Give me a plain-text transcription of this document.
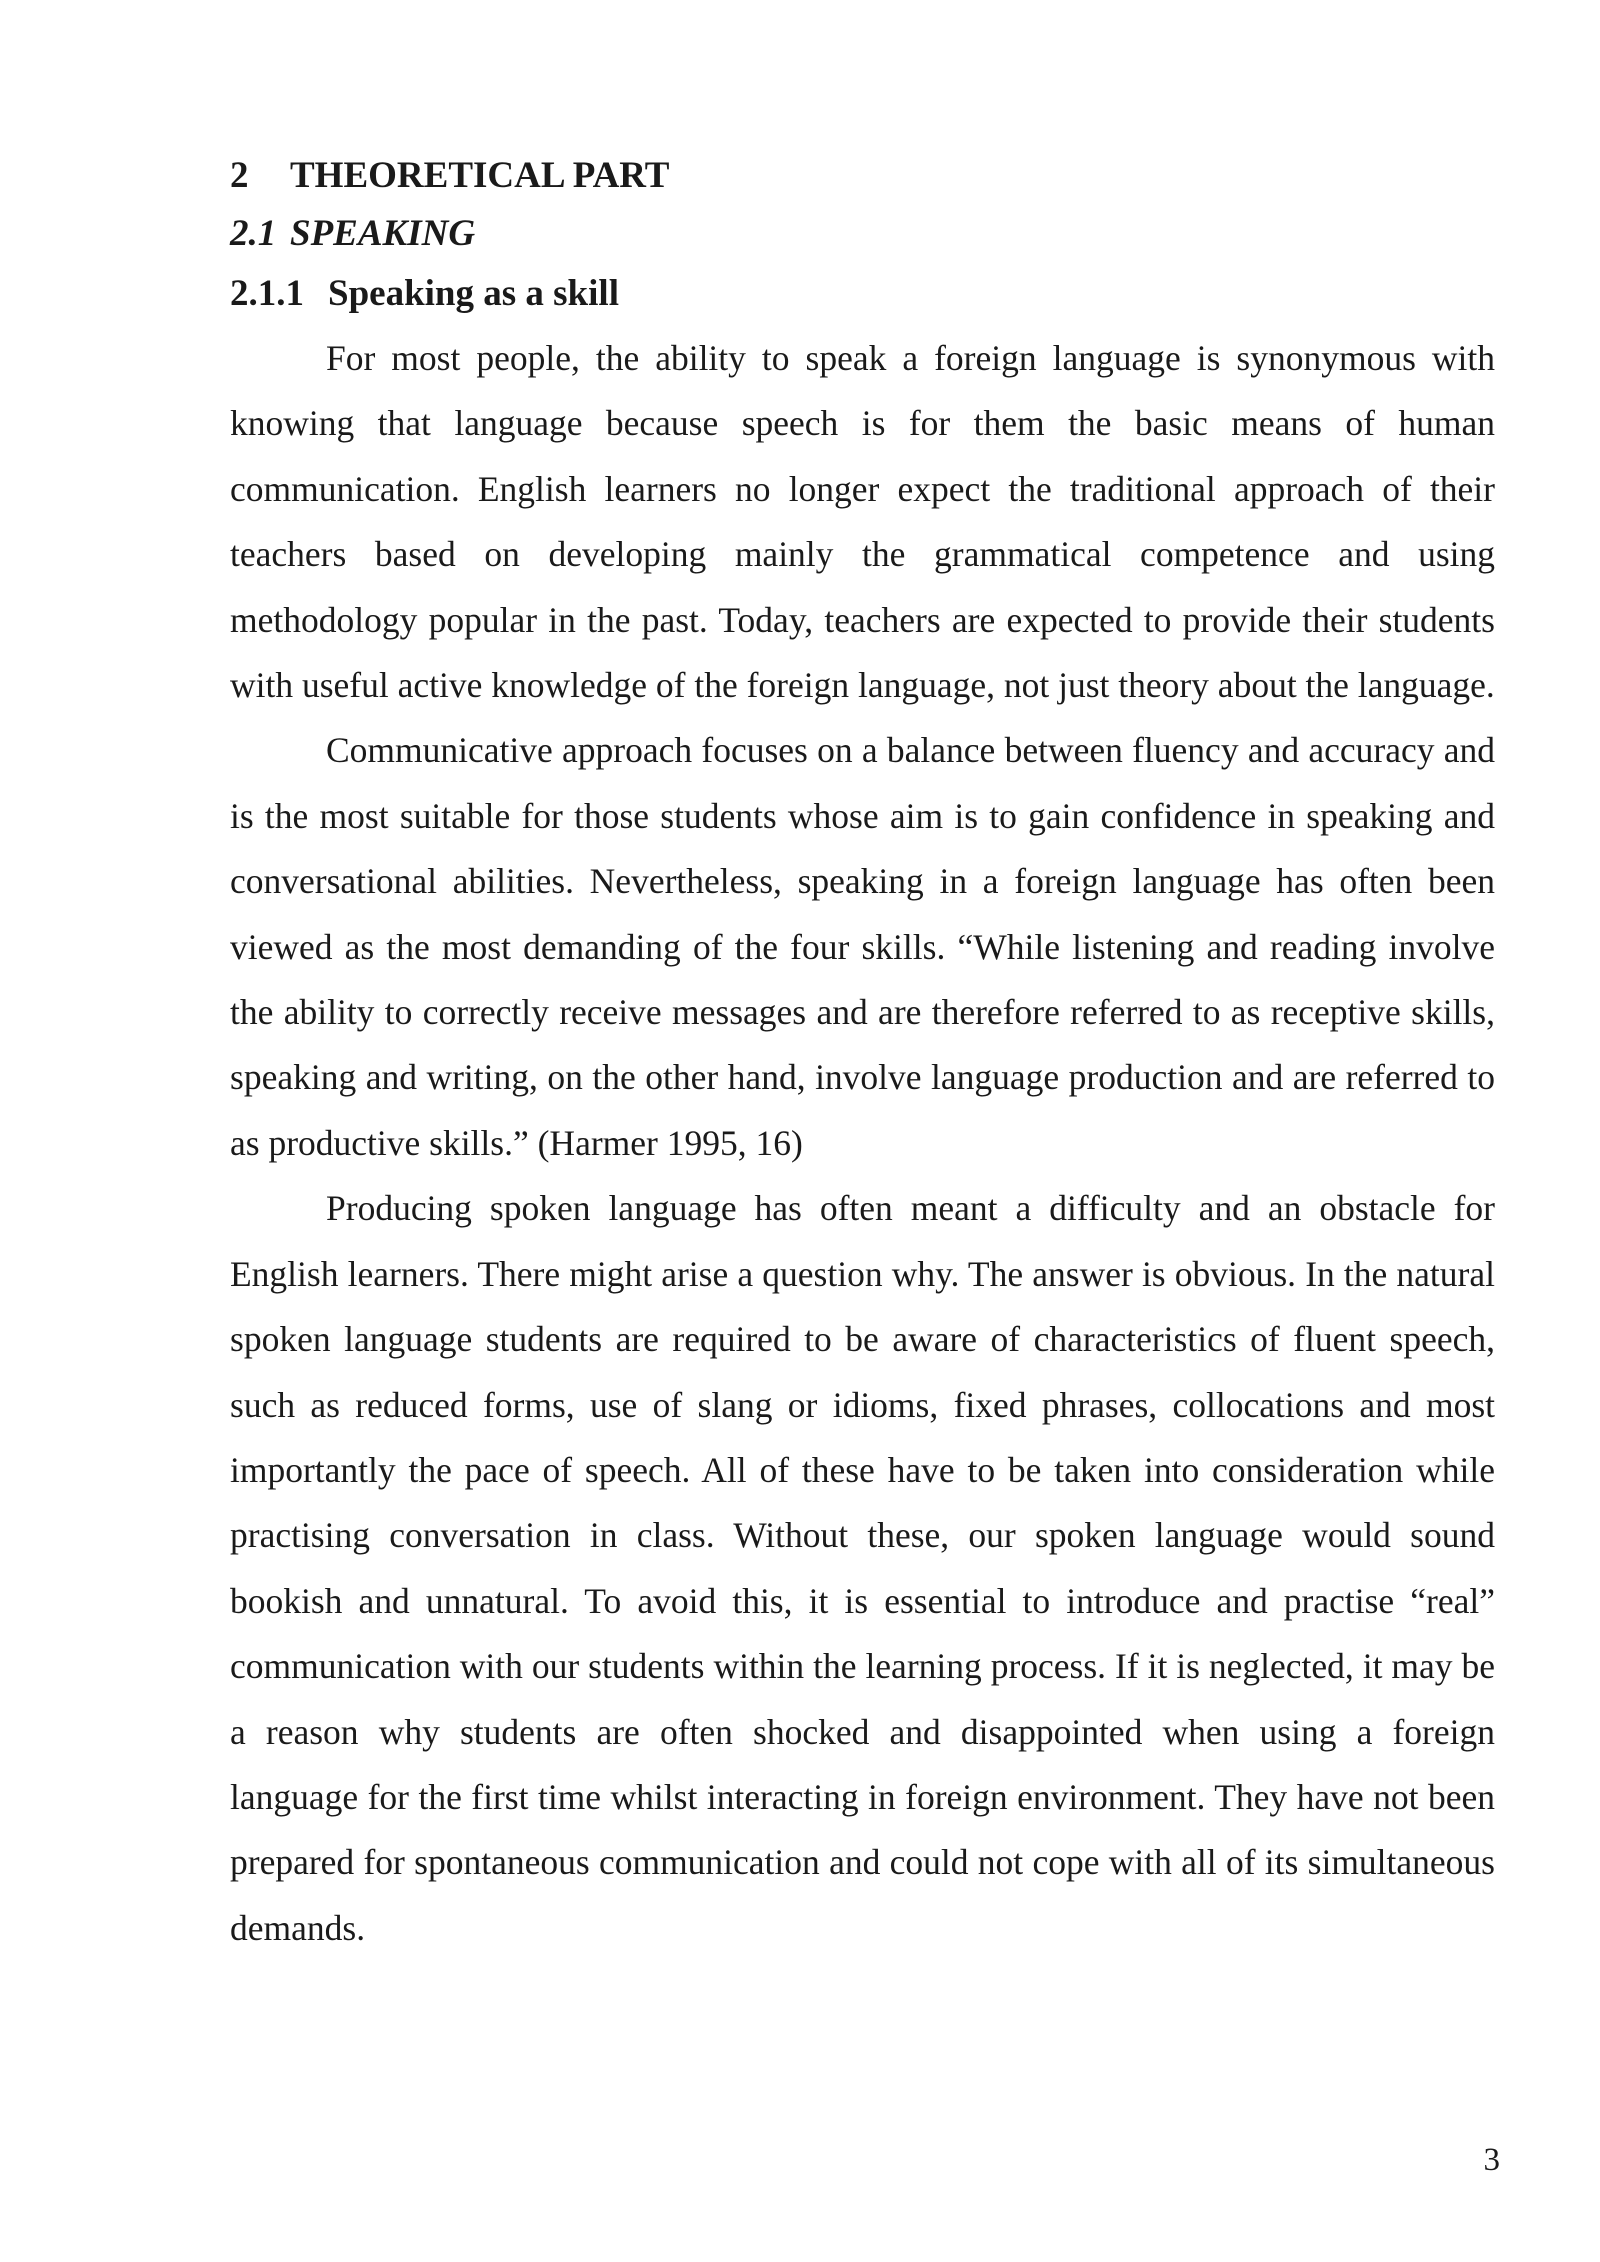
2 THEORETICAL PART
2.1 SPEAKING
2.1.1 Speaking as a skill

For most people, the ability to speak a foreign language is synonymous with knowing that language because speech is for them the basic means of human communication. English learners no longer expect the traditional approach of their teachers based on developing mainly the grammatical competence and using methodology popular in the past. Today, teachers are expected to provide their students with useful active knowledge of the foreign language, not just theory about the language.

Communicative approach focuses on a balance between fluency and accuracy and is the most suitable for those students whose aim is to gain confidence in speaking and conversational abilities. Nevertheless, speaking in a foreign language has often been viewed as the most demanding of the four skills. “While listening and reading involve the ability to correctly receive messages and are therefore referred to as receptive skills, speaking and writing, on the other hand, involve language production and are referred to as productive skills.” (Harmer 1995, 16)

Producing spoken language has often meant a difficulty and an obstacle for English learners. There might arise a question why. The answer is obvious. In the natural spoken language students are required to be aware of characteristics of fluent speech, such as reduced forms, use of slang or idioms, fixed phrases, collocations and most importantly the pace of speech. All of these have to be taken into consideration while practising conversation in class. Without these, our spoken language would sound bookish and unnatural. To avoid this, it is essential to introduce and practise “real” communication with our students within the learning process. If it is neglected, it may be a reason why students are often shocked and disappointed when using a foreign language for the first time whilst interacting in foreign environment. They have not been prepared for spontaneous communication and could not cope with all of its simultaneous demands.

3
